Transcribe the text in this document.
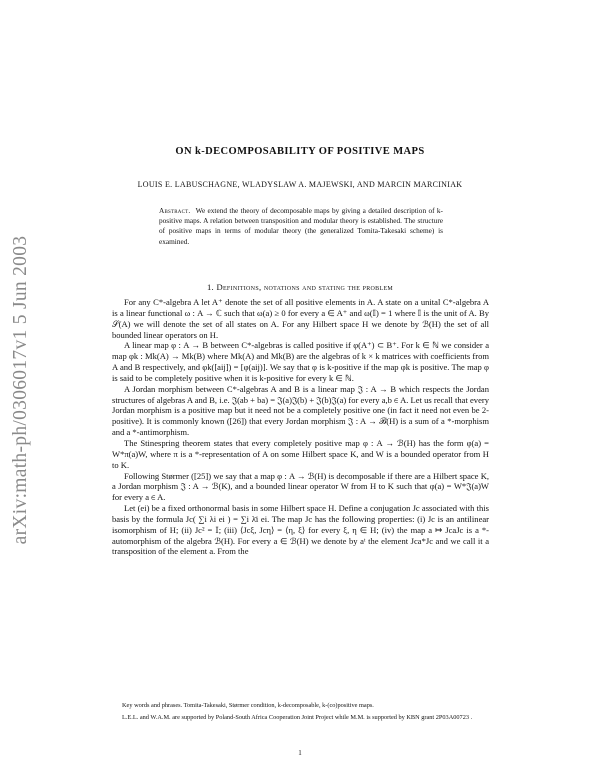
arXiv:math-ph/0306017v1 5 Jun 2003
ON k-DECOMPOSABILITY OF POSITIVE MAPS
LOUIS E. LABUSCHAGNE, WLADYSLAW A. MAJEWSKI, AND MARCIN MARCINIAK
Abstract. We extend the theory of decomposable maps by giving a detailed description of k-positive maps. A relation between transposition and modular theory is established. The structure of positive maps in terms of modular theory (the generalized Tomita-Takesaki scheme) is examined.
1. Definitions, notations and stating the problem

For any C*-algebra A let A⁺ denote the set of all positive elements in A. A state on a unital C*-algebra A is a linear functional ω : A → ℂ such that ω(a) ≥ 0 for every a ∈ A⁺ and ω(𝕀) = 1 where 𝕀 is the unit of A. By 𝒮(A) we will denote the set of all states on A. For any Hilbert space H we denote by ℬ(H) the set of all bounded linear operators on H.

A linear map φ : A → B between C*-algebras is called positive if φ(A⁺) ⊂ B⁺. For k ∈ ℕ we consider a map φk : Mk(A) → Mk(B) where Mk(A) and Mk(B) are the algebras of k × k matrices with coefficients from A and B respectively, and φk([aij]) = [φ(aij)]. We say that φ is k-positive if the map φk is positive. The map φ is said to be completely positive when it is k-positive for every k ∈ ℕ.

A Jordan morphism between C*-algebras A and B is a linear map 𝔍 : A → B which respects the Jordan structures of algebras A and B, i.e. 𝔍(ab + ba) = 𝔍(a)𝔍(b) + 𝔍(b)𝔍(a) for every a,b ∈ A. Let us recall that every Jordan morphism is a positive map but it need not be a completely positive one (in fact it need not even be 2-positive). It is commonly known ([26]) that every Jordan morphism 𝔍 : A → ℬ(H) is a sum of a *-morphism and a *-antimorphism.

The Stinespring theorem states that every completely positive map φ : A → ℬ(H) has the form φ(a) = W*π(a)W, where π is a *-representation of A on some Hilbert space K, and W is a bounded operator from H to K.

Following Størmer ([25]) we say that a map φ : A → ℬ(H) is decomposable if there are a Hilbert space K, a Jordan morphism 𝔍 : A → ℬ(K), and a bounded linear operator W from H to K such that φ(a) = W*𝔍(a)W for every a ∈ A.

Let (ei) be a fixed orthonormal basis in some Hilbert space H. Define a conjugation Jc associated with this basis by the formula Jc( ∑i λi ei ) = ∑i λ̄i ei. The map Jc has the following properties: (i) Jc is an antilinear isomorphism of H; (ii) Jc² = 𝕀; (iii) ⟨Jcξ, Jcη⟩ = ⟨η, ξ⟩ for every ξ, η ∈ H; (iv) the map a ↦ JcaJc is a *-automorphism of the algebra ℬ(H). For every a ∈ ℬ(H) we denote by aᵗ the element Jca*Jc and we call it a transposition of the element a. From the

Key words and phrases. Tomita-Takesaki, Størmer condition, k-decomposable, k-(co)positive maps.

L.E.L. and W.A.M. are supported by Poland-South Africa Cooperation Joint Project while M.M. is supported by KBN grant 2P03A00723 .

1
